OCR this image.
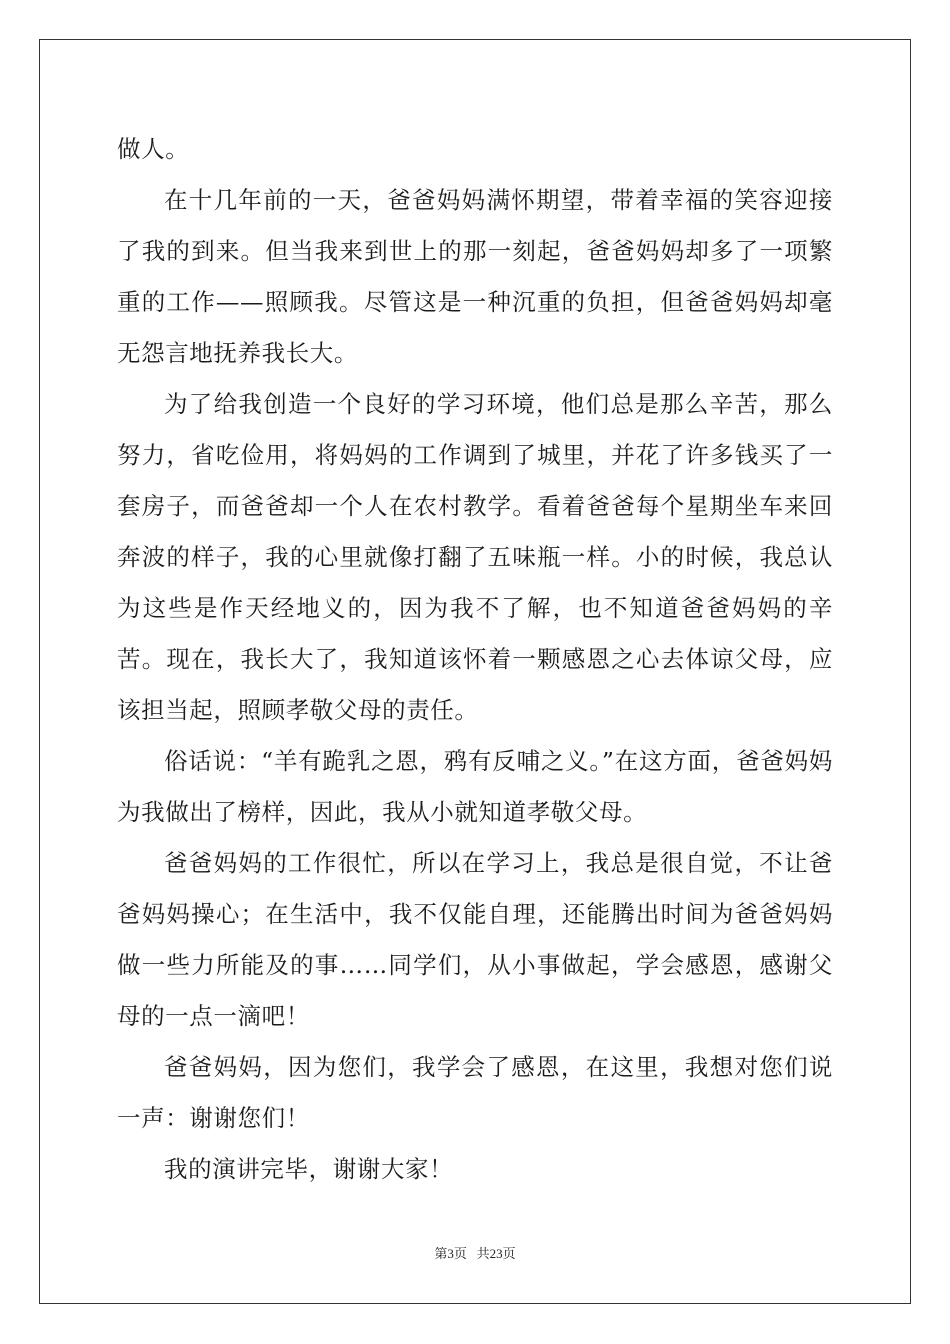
做人。

在十几年前的一天，爸爸妈妈满怀期望，带着幸福的笑容迎接了我的到来。但当我来到世上的那一刻起，爸爸妈妈却多了一项繁重的工作——照顾我。尽管这是一种沉重的负担，但爸爸妈妈却毫无怨言地抚养我长大。

为了给我创造一个良好的学习环境，他们总是那么辛苦，那么努力，省吃俭用，将妈妈的工作调到了城里，并花了许多钱买了一套房子，而爸爸却一个人在农村教学。看着爸爸每个星期坐车来回奔波的样子，我的心里就像打翻了五味瓶一样。小的时候，我总认为这些是作天经地义的，因为我不了解，也不知道爸爸妈妈的辛苦。现在，我长大了，我知道该怀着一颗感恩之心去体谅父母，应该担当起，照顾孝敬父母的责任。

俗话说：“羊有跪乳之恩，鸦有反哺之义。”在这方面，爸爸妈妈为我做出了榜样，因此，我从小就知道孝敬父母。

爸爸妈妈的工作很忙，所以在学习上，我总是很自觉，不让爸爸妈妈操心；在生活中，我不仅能自理，还能腾出时间为爸爸妈妈做一些力所能及的事……同学们，从小事做起，学会感恩，感谢父母的一点一滴吧！

爸爸妈妈，因为您们，我学会了感恩，在这里，我想对您们说一声：谢谢您们！

我的演讲完毕，谢谢大家！

第3页 共23页
